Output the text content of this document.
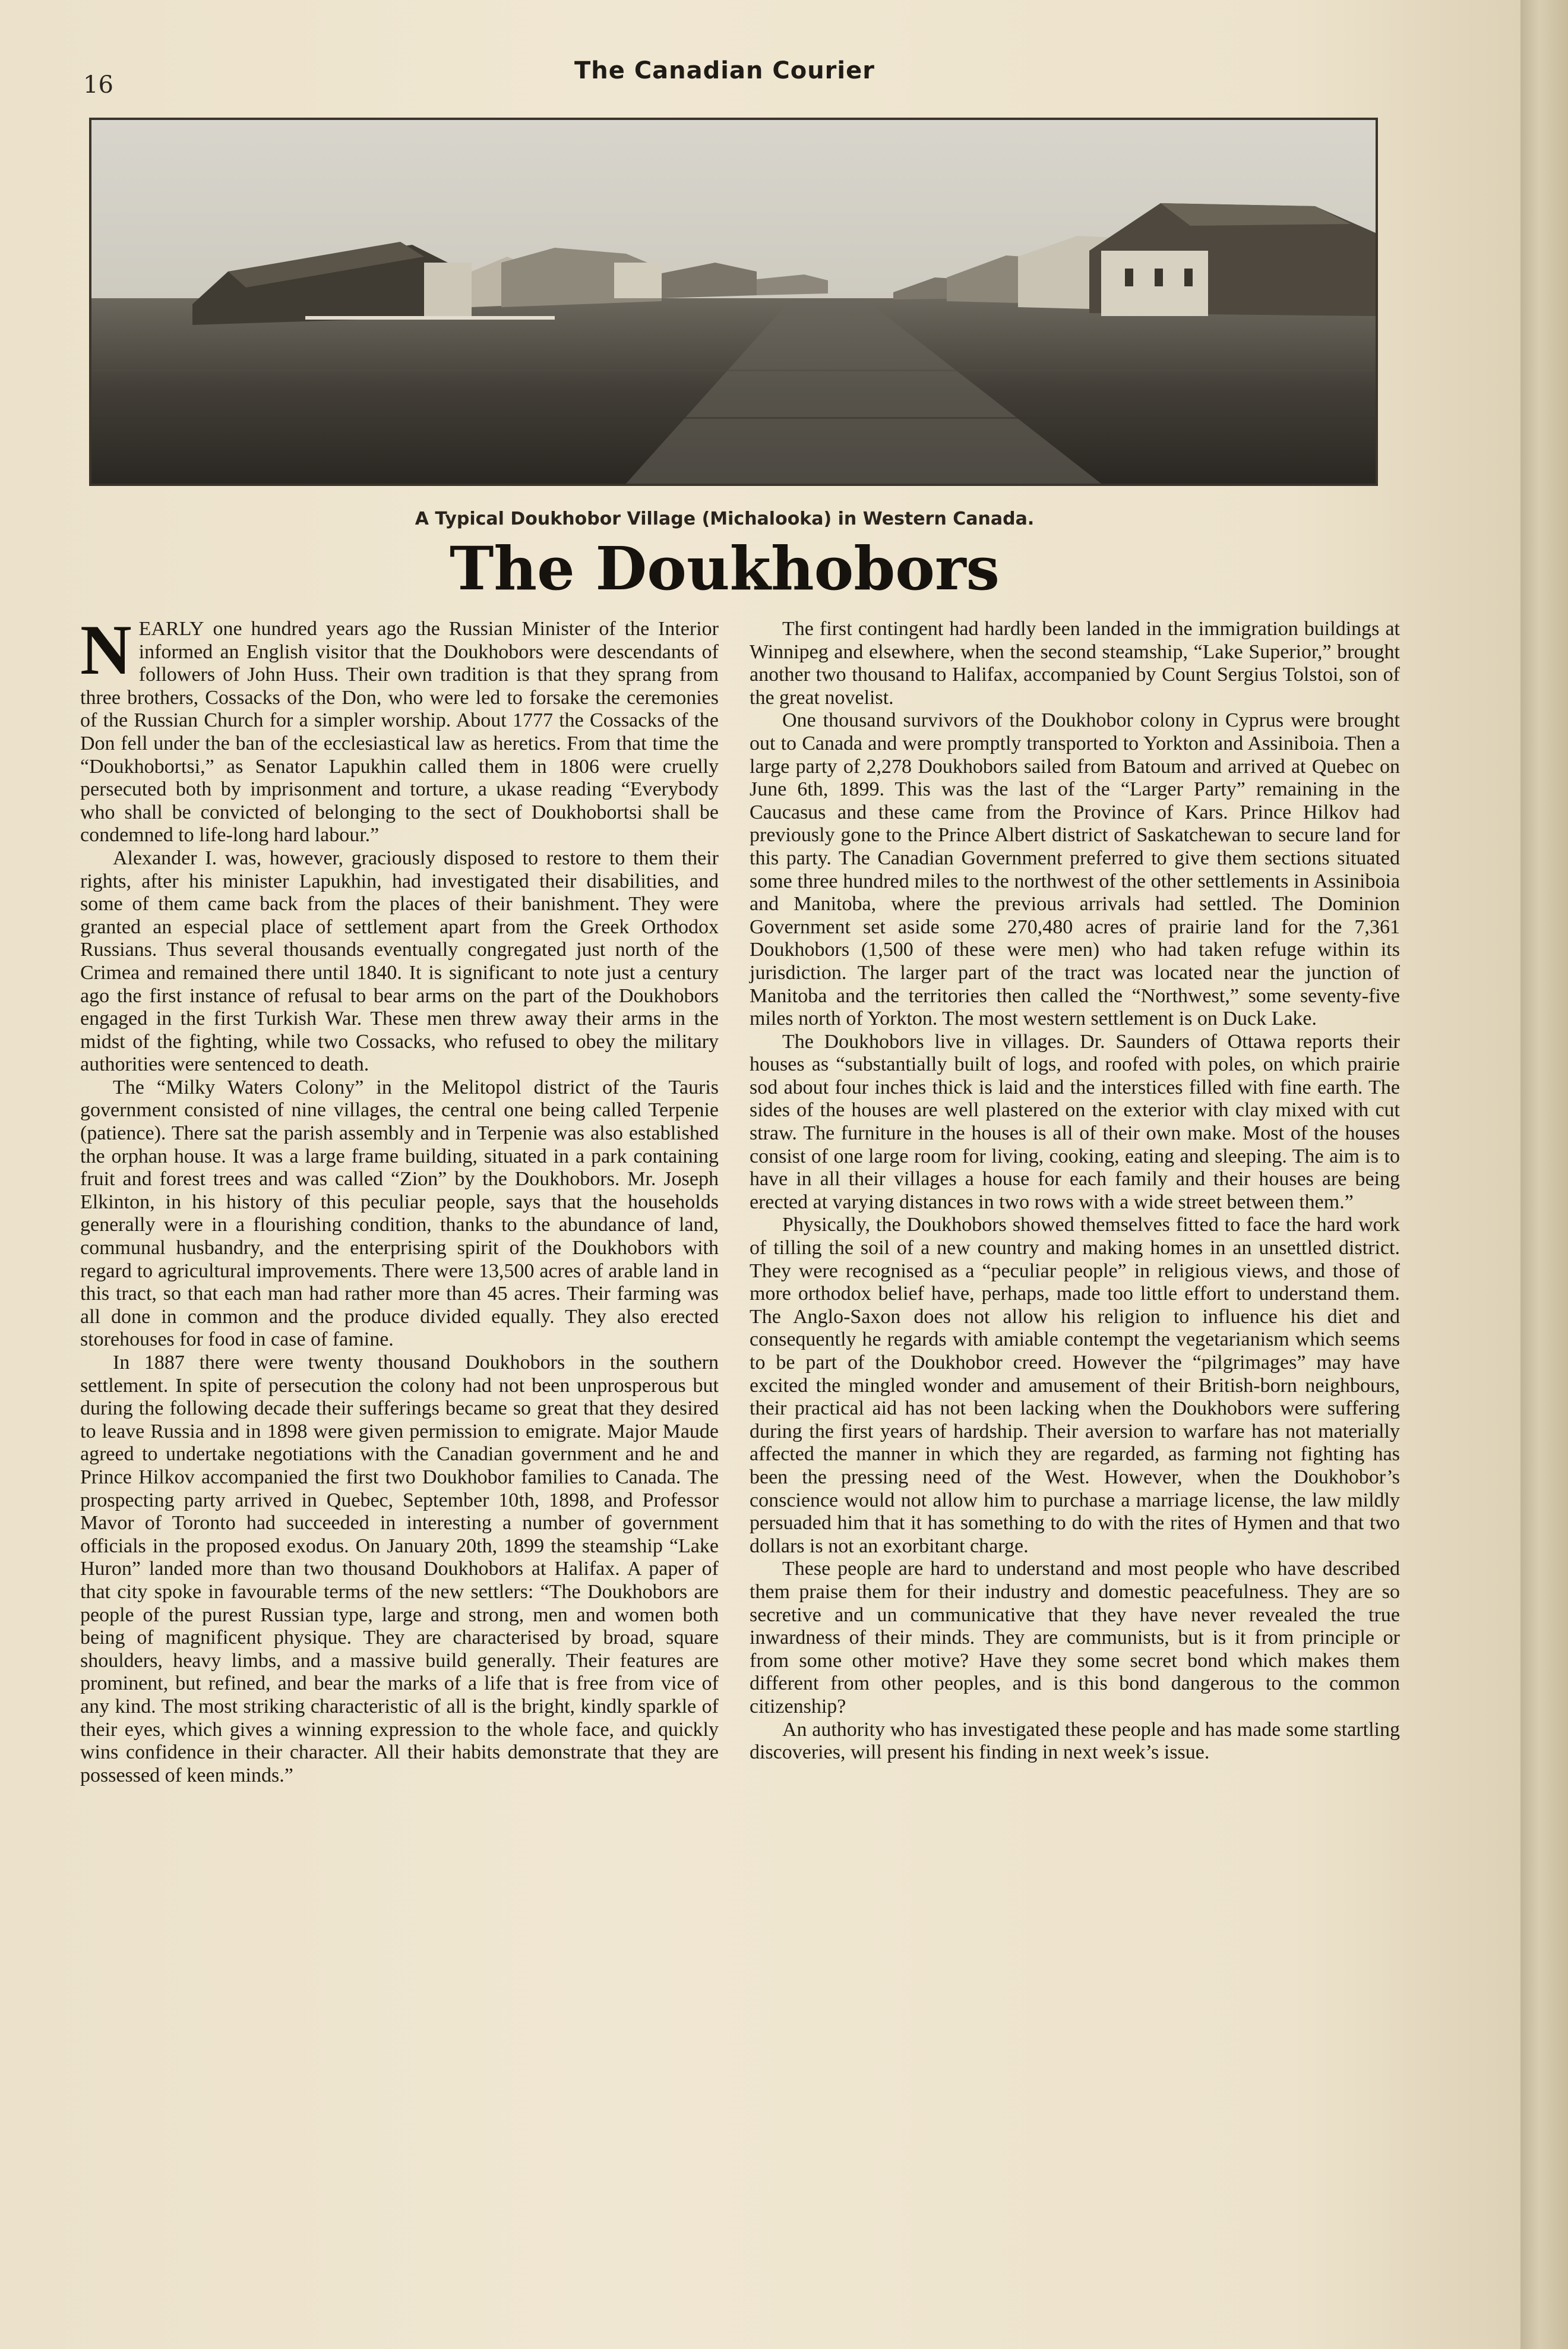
16
The Canadian Courier
A Typical Doukhobor Village (Michalooka) in Western Canada.
The Doukhobors

NEARLY one hundred years ago the Russian Minister of the Interior informed an English visitor that the Doukhobors were descendants of followers of John Huss. Their own tradition is that they sprang from three brothers, Cossacks of the Don, who were led to forsake the ceremonies of the Russian Church for a simpler worship. About 1777 the Cossacks of the Don fell under the ban of the ecclesiastical law as heretics. From that time the “Doukhobortsi,” as Senator Lapukhin called them in 1806 were cruelly persecuted both by imprisonment and torture, a ukase reading “Everybody who shall be convicted of belonging to the sect of Doukhobortsi shall be condemned to life-long hard labour.”

Alexander I. was, however, graciously disposed to restore to them their rights, after his minister Lapukhin, had investigated their disabilities, and some of them came back from the places of their banishment. They were granted an especial place of settlement apart from the Greek Orthodox Russians. Thus several thousands eventually congregated just north of the Crimea and remained there until 1840. It is significant to note just a century ago the first instance of refusal to bear arms on the part of the Doukhobors engaged in the first Turkish War. These men threw away their arms in the midst of the fighting, while two Cossacks, who refused to obey the military authorities were sentenced to death.

The “Milky Waters Colony” in the Melitopol district of the Tauris government consisted of nine villages, the central one being called Terpenie (patience). There sat the parish assembly and in Terpenie was also established the orphan house. It was a large frame building, situated in a park containing fruit and forest trees and was called “Zion” by the Doukhobors. Mr. Joseph Elkinton, in his history of this peculiar people, says that the households generally were in a flourishing condition, thanks to the abundance of land, communal husbandry, and the enterprising spirit of the Doukhobors with regard to agricultural improvements. There were 13,500 acres of arable land in this tract, so that each man had rather more than 45 acres. Their farming was all done in common and the produce divided equally. They also erected storehouses for food in case of famine.

In 1887 there were twenty thousand Doukhobors in the southern settlement. In spite of persecution the colony had not been unprosperous but during the following decade their sufferings became so great that they desired to leave Russia and in 1898 were given permission to emigrate. Major Maude agreed to undertake negotiations with the Canadian government and he and Prince Hilkov accompanied the first two Doukhobor families to Canada. The prospecting party arrived in Quebec, September 10th, 1898, and Professor Mavor of Toronto had succeeded in interesting a number of government officials in the proposed exodus. On January 20th, 1899 the steamship “Lake Huron” landed more than two thousand Doukhobors at Halifax. A paper of that city spoke in favourable terms of the new settlers: “The Doukhobors are people of the purest Russian type, large and strong, men and women both being of magnificent physique. They are characterised by broad, square shoulders, heavy limbs, and a massive build generally. Their features are prominent, but refined, and bear the marks of a life that is free from vice of any kind. The most striking characteristic of all is the bright, kindly sparkle of their eyes, which gives a winning expression to the whole face, and quickly wins confidence in their character. All their habits demonstrate that they are possessed of keen minds.”

The first contingent had hardly been landed in the immigration buildings at Winnipeg and elsewhere, when the second steamship, “Lake Superior,” brought another two thousand to Halifax, accompanied by Count Sergius Tolstoi, son of the great novelist.

One thousand survivors of the Doukhobor colony in Cyprus were brought out to Canada and were promptly transported to Yorkton and Assiniboia. Then a large party of 2,278 Doukhobors sailed from Batoum and arrived at Quebec on June 6th, 1899. This was the last of the “Larger Party” remaining in the Caucasus and these came from the Province of Kars. Prince Hilkov had previously gone to the Prince Albert district of Saskatchewan to secure land for this party. The Canadian Government preferred to give them sections situated some three hundred miles to the northwest of the other settlements in Assiniboia and Manitoba, where the previous arrivals had settled. The Dominion Government set aside some 270,480 acres of prairie land for the 7,361 Doukhobors (1,500 of these were men) who had taken refuge within its jurisdiction. The larger part of the tract was located near the junction of Manitoba and the territories then called the “Northwest,” some seventy-five miles north of Yorkton. The most western settlement is on Duck Lake.

The Doukhobors live in villages. Dr. Saunders of Ottawa reports their houses as “substantially built of logs, and roofed with poles, on which prairie sod about four inches thick is laid and the interstices filled with fine earth. The sides of the houses are well plastered on the exterior with clay mixed with cut straw. The furniture in the houses is all of their own make. Most of the houses consist of one large room for living, cooking, eating and sleeping. The aim is to have in all their villages a house for each family and their houses are being erected at varying distances in two rows with a wide street between them.”

Physically, the Doukhobors showed themselves fitted to face the hard work of tilling the soil of a new country and making homes in an unsettled district. They were recognised as a “peculiar people” in religious views, and those of more orthodox belief have, perhaps, made too little effort to understand them. The Anglo-Saxon does not allow his religion to influence his diet and consequently he regards with amiable contempt the vegetarianism which seems to be part of the Doukhobor creed. However the “pilgrimages” may have excited the mingled wonder and amusement of their British-born neighbours, their practical aid has not been lacking when the Doukhobors were suffering during the first years of hardship. Their aversion to warfare has not materially affected the manner in which they are regarded, as farming not fighting has been the pressing need of the West. However, when the Doukhobor’s conscience would not allow him to purchase a marriage license, the law mildly persuaded him that it has something to do with the rites of Hymen and that two dollars is not an exorbitant charge.

These people are hard to understand and most people who have described them praise them for their industry and domestic peacefulness. They are so secretive and un communicative that they have never revealed the true inwardness of their minds. They are communists, but is it from principle or from some other motive? Have they some secret bond which makes them different from other peoples, and is this bond dangerous to the common citizenship?

An authority who has investigated these people and has made some startling discoveries, will present his finding in next week’s issue.
